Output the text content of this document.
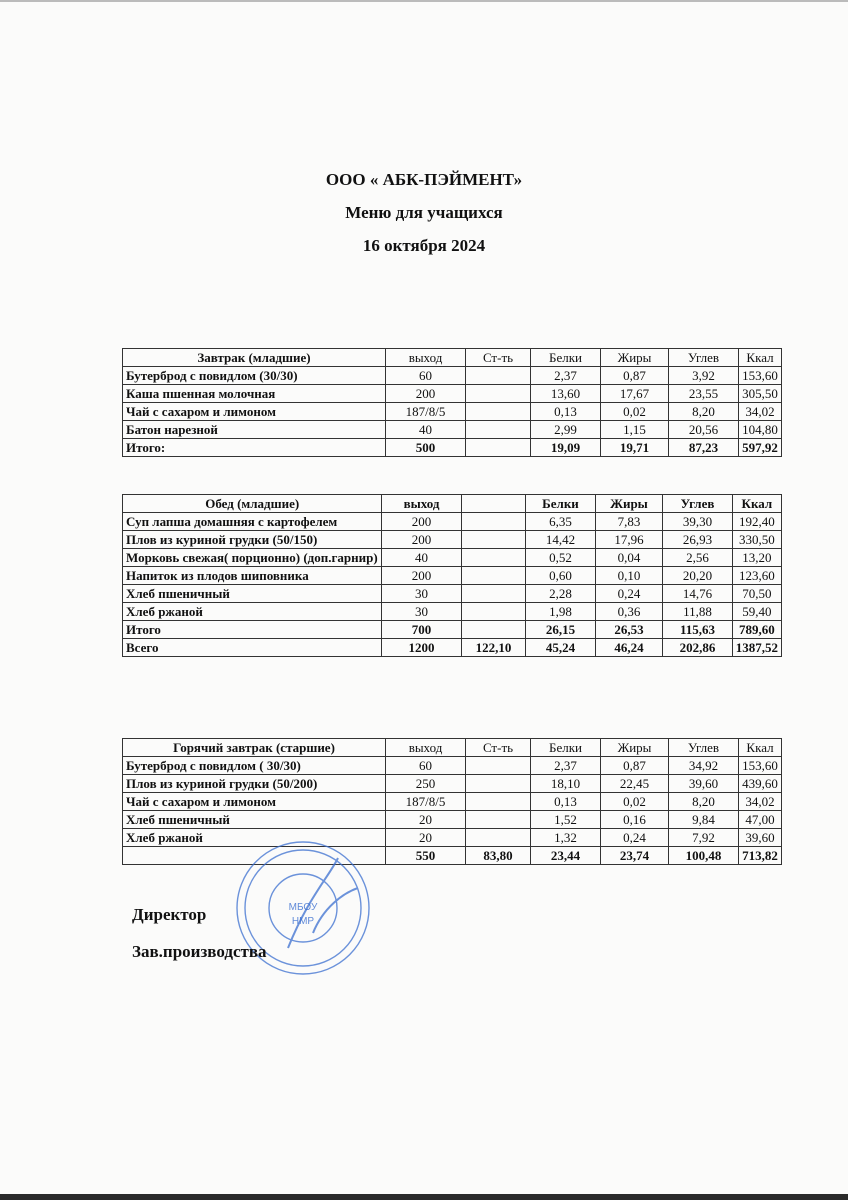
ООО « АБК-ПЭЙМЕНТ»
Меню для учащихся
16 октября 2024
Завтрак (младшие)	выход	Ст-ть	Белки	Жиры	Углев	Ккал
Бутерброд с повидлом (30/30)	60		2,37	0,87	3,92	153,60
Каша пшенная молочная	200		13,60	17,67	23,55	305,50
Чай с сахаром и лимоном	187/8/5		0,13	0,02	8,20	34,02
Батон нарезной	40		2,99	1,15	20,56	104,80
Итого:	500		19,09	19,71	87,23	597,92
Обед (младшие)	выход		Белки	Жиры	Углев	Ккал
Суп лапша домашняя с картофелем	200		6,35	7,83	39,30	192,40
Плов из куриной грудки (50/150)	200		14,42	17,96	26,93	330,50
Морковь свежая( порционно) (доп.гарнир)	40		0,52	0,04	2,56	13,20
Напиток из плодов шиповника	200		0,60	0,10	20,20	123,60
Хлеб пшеничный	30		2,28	0,24	14,76	70,50
Хлеб ржаной	30		1,98	0,36	11,88	59,40
Итого	700		26,15	26,53	115,63	789,60
Всего	1200	122,10	45,24	46,24	202,86	1387,52
Горячий завтрак (старшие)	выход	Ст-ть	Белки	Жиры	Углев	Ккал
Бутерброд с повидлом ( 30/30)	60		2,37	0,87	34,92	153,60
Плов из куриной грудки (50/200)	250		18,10	22,45	39,60	439,60
Чай с сахаром и лимоном	187/8/5		0,13	0,02	8,20	34,02
Хлеб пшеничный	20		1,52	0,16	9,84	47,00
Хлеб ржаной	20		1,32	0,24	7,92	39,60
	550	83,80	23,44	23,74	100,48	713,82
МБОУ
НМР
Директор
Зав.производства
